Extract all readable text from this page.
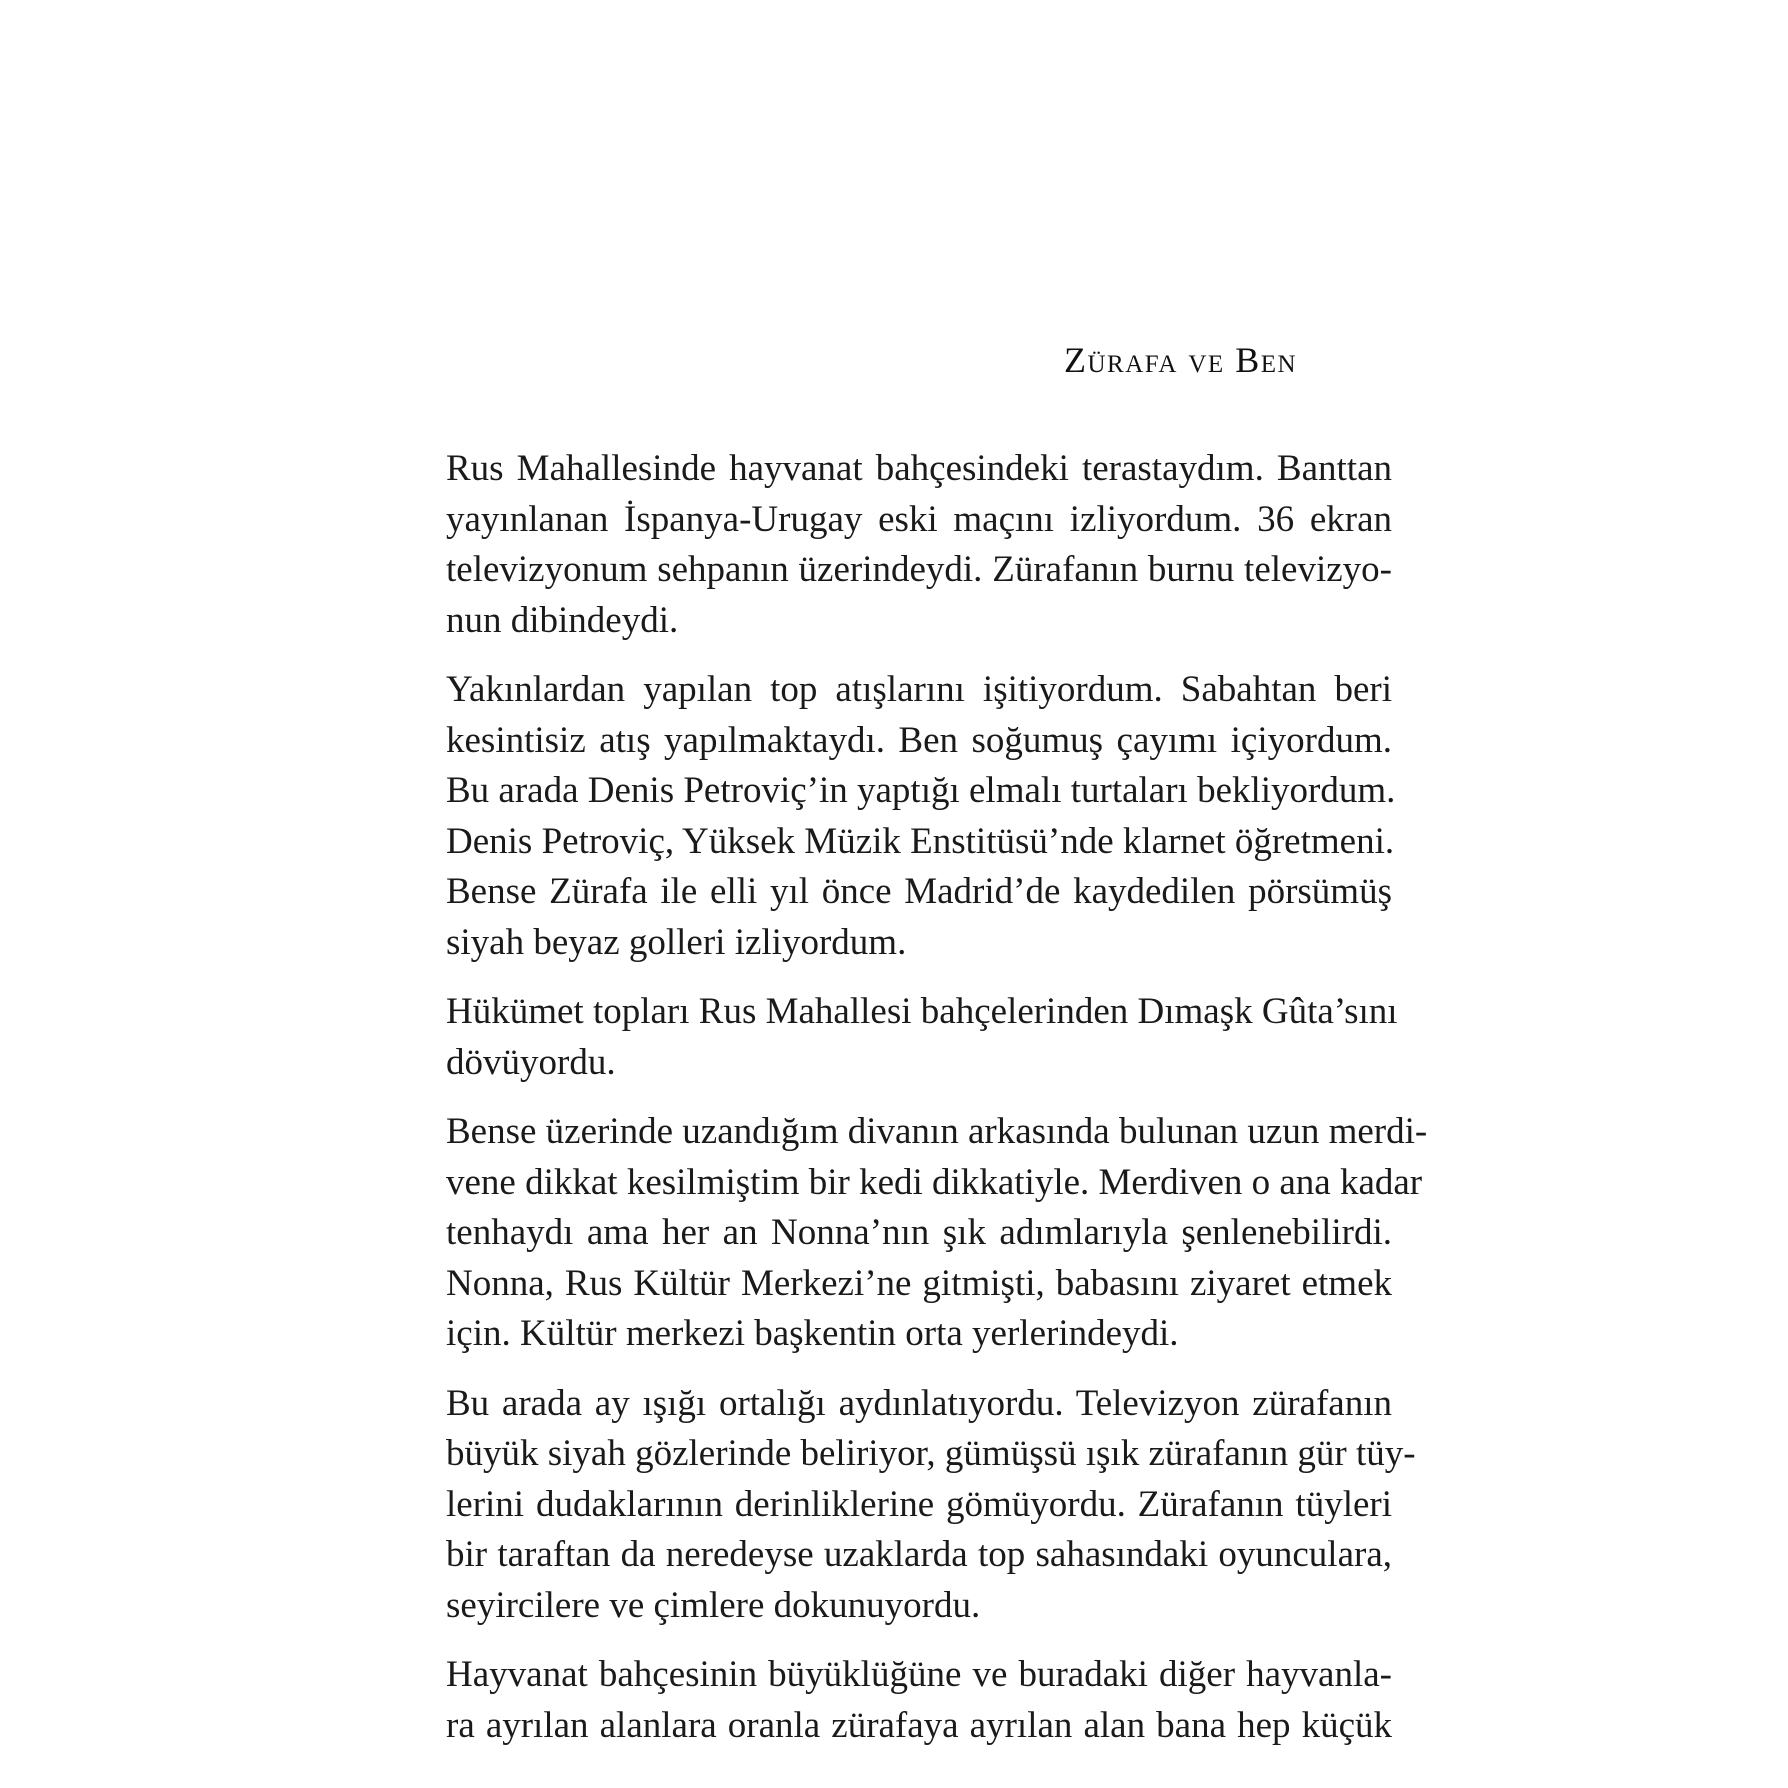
Zürafa ve Ben

Rus Mahallesinde hayvanat bahçesindeki terastaydım. Banttan
yayınlanan İspanya-Urugay eski maçını izliyordum. 36 ekran
televizyonum sehpanın üzerindeydi. Zürafanın burnu televizyo-
nun dibindeydi.

Yakınlardan yapılan top atışlarını işitiyordum. Sabahtan beri
kesintisiz atış yapılmaktaydı. Ben soğumuş çayımı içiyordum.
Bu arada Denis Petroviç’in yaptığı elmalı turtaları bekliyordum.
Denis Petroviç, Yüksek Müzik Enstitüsü’nde klarnet öğretmeni.
Bense Zürafa ile elli yıl önce Madrid’de kaydedilen pörsümüş
siyah beyaz golleri izliyordum.

Hükümet topları Rus Mahallesi bahçelerinden Dımaşk Gûta’sını
dövüyordu.

Bense üzerinde uzandığım divanın arkasında bulunan uzun merdi-
vene dikkat kesilmiştim bir kedi dikkatiyle. Merdiven o ana kadar
tenhaydı ama her an Nonna’nın şık adımlarıyla şenlenebilirdi.
Nonna, Rus Kültür Merkezi’ne gitmişti, babasını ziyaret etmek
için. Kültür merkezi başkentin orta yerlerindeydi.

Bu arada ay ışığı ortalığı aydınlatıyordu. Televizyon zürafanın
büyük siyah gözlerinde beliriyor, gümüşsü ışık zürafanın gür tüy-
lerini dudaklarının derinliklerine gömüyordu. Zürafanın tüyleri
bir taraftan da neredeyse uzaklarda top sahasındaki oyunculara,
seyircilere ve çimlere dokunuyordu.

Hayvanat bahçesinin büyüklüğüne ve buradaki diğer hayvanla-
ra ayrılan alanlara oranla zürafaya ayrılan alan bana hep küçük
